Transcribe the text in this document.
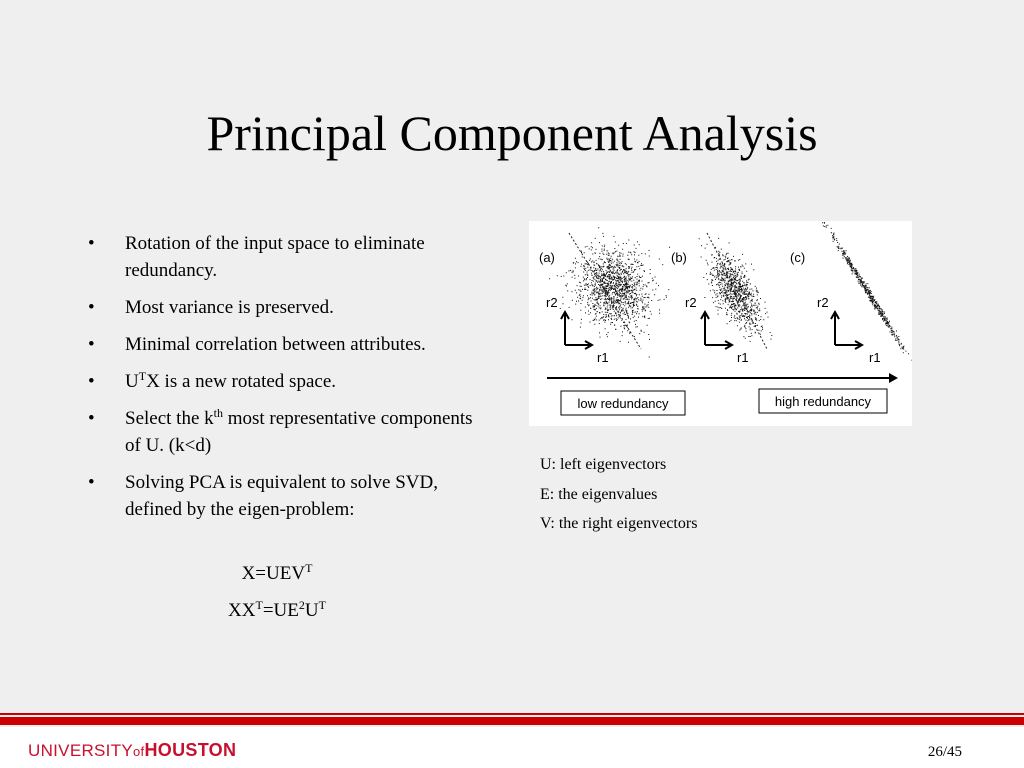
Principal Component Analysis
• Rotation of the input space to eliminate redundancy.
• Most variance is preserved.
• Minimal correlation between attributes.
• $U^TX$ is a new rotated space.
• Select the $k^{th}$ most representative components of U. (k<d)
• Solving PCA is equivalent to solve SVD, defined by the eigen-problem:
$X=UEV^T$
$XX^T=UE^2U^T$
(a)	(b)	(c)
r2
r1
r2
r1
r2
r1
low redundancy	high redundancy
U: left eigenvectors
E: the eigenvalues
V: the right eigenvectors
UNIVERSITYofHOUSTON	26/45
